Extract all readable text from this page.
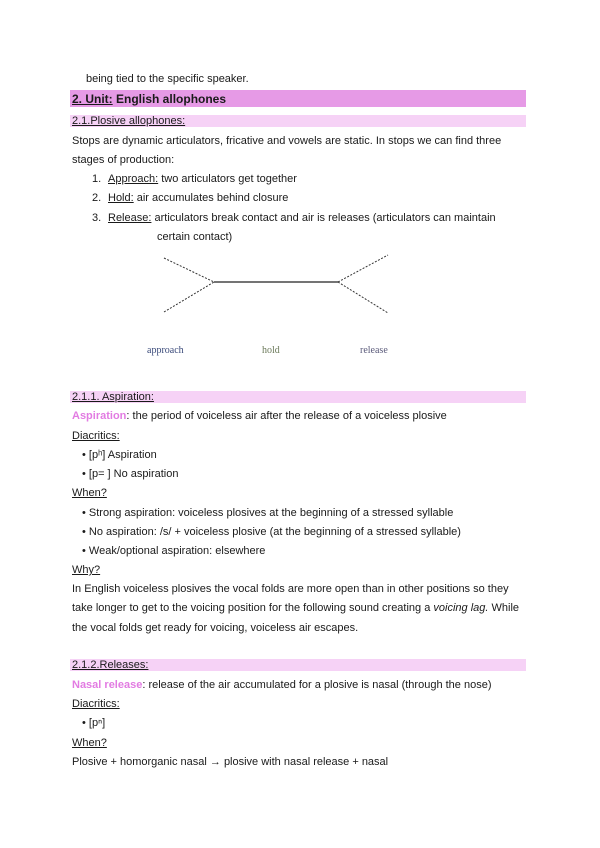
being tied to the specific speaker.
2. Unit: English allophones
2.1.Plosive allophones:
Stops are dynamic articulators, fricative and vowels are static. In stops we can find three
stages of production:
1. Approach: two articulators get together
2. Hold: air accumulates behind closure
3. Release: articulators break contact and air is releases (articulators can maintain
certain contact)
approach	hold	release
2.1.1. Aspiration:
Aspiration: the period of voiceless air after the release of a voiceless plosive
Diacritics:
• [pʰ] Aspiration
• [p= ] No aspiration
When?
• Strong aspiration: voiceless plosives at the beginning of a stressed syllable
• No aspiration: /s/ + voiceless plosive (at the beginning of a stressed syllable)
• Weak/optional aspiration: elsewhere
Why?
In English voiceless plosives the vocal folds are more open than in other positions so they
take longer to get to the voicing position for the following sound creating a voicing lag. While
the vocal folds get ready for voicing, voiceless air escapes.
2.1.2.Releases:
Nasal release: release of the air accumulated for a plosive is nasal (through the nose)
Diacritics:
• [pⁿ]
When?
Plosive + homorganic nasal → plosive with nasal release + nasal
